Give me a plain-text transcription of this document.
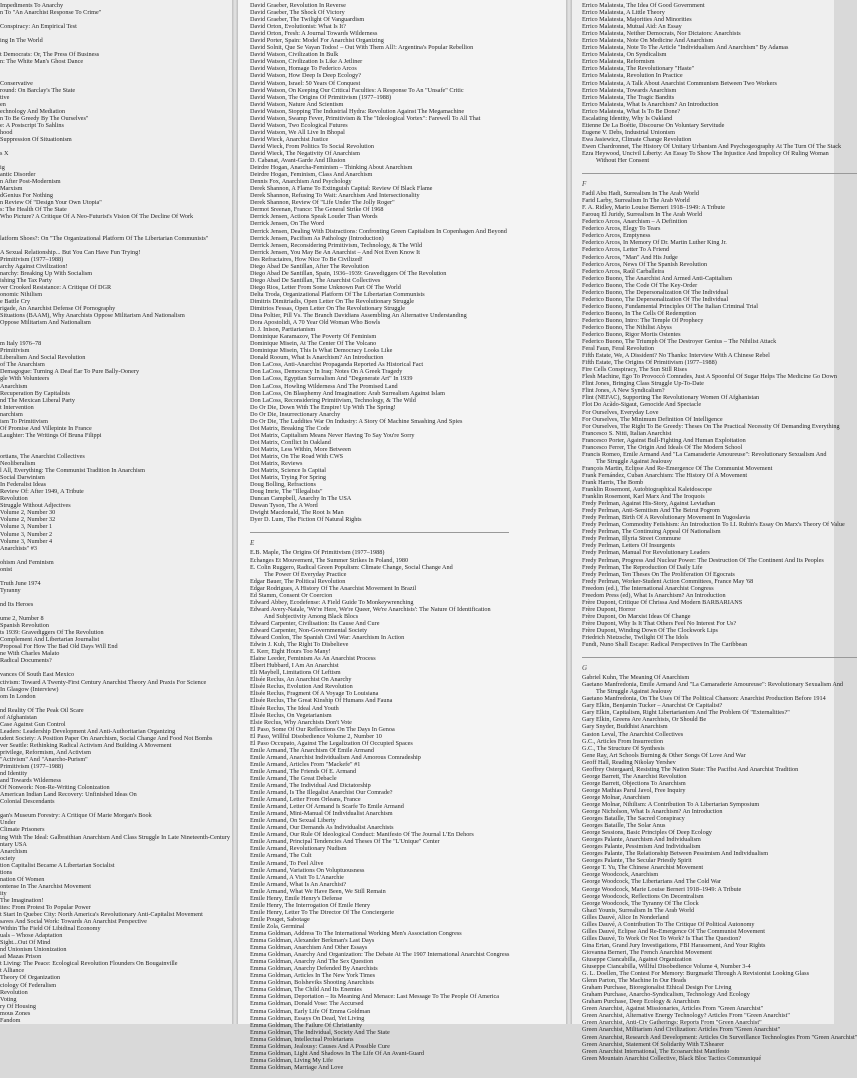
Impediments To Anarchy
n To "An Anarchist Response To Crime"

Conspiracy: An Empirical Test

ing In The World

t Democrats: Or, The Press Of Business
n: The White Man's Ghost Dance

Conservative
round: On Barclay's The State
tive
en
echnology And Mediation
n To Be Greedy By The Ourselves"
e: A Postscript To Sahlins
hood
Suppression Of Situationism

s X

ig
antic Disorder
n After Post-Modernism
Marxism
dGenius For Nothing
n Review Of "Design Your Own Utopia"
s: The Health Of The State
Who Picture? A Critique Of A Neo-Futurist's Vision Of The Decline Of Work

latform Shoes?: On "The Organizational Platform Of The Libertarian Communists"

A Sexual Relationship... But You Can Have Fun Trying!
Primitivism (1977–1988)
archy Against Civilization!
narchy: Breaking Up With Socialism
ishing The Tax Party
ver Crooked Resistance: A Critique Of DGR
onomic Nihilism
e Battle Cry
rigade, An Anarchist Defense Of Pornography
Situations (BAAM), Why Anarchists Oppose Militarism And Nationalism
Oppose Militarism And Nationalism

m Italy 1976–78
Primitivism
Liberalism And Social Revolution
of The Anarchism
Demagogue: Turning A Deaf Ear To Pure Bally-Oonery
gle With Volunteers
Anarchism
Recuperation By Capitalists
nd The Mexican Liberal Party
t Intervention
narchism
ism To Primitivism
Of Promise And Villepinte In France
Laughter: The Writings Of Bruna Filippi

ortians, The Anarchist Collectives
Neoliberalism
l All, Everything: The Communist Tradition In Anarchism
Social Darwinism
In Federalist Ideas
Review Of: After 1949, A Tribute
Revolution
Struggle Without Adjectives
Volume 2, Number 30
Volume 2, Number 32
Volume 3, Number 1
Volume 3, Number 2
Volume 3, Number 4
Anarchists" #3

ohism And Feminism
onist

Truth June 1974
Tyranny

nd Its Heroes

ume 2, Number 8
Spanish Revolution
ts 1939: Gravediggers Of The Revolution
Complement And Libertarian Journalist
Proposal For How The Bad Old Days Will End
ne With Charles Malato
Radical Documents?

vances Of South East Mexico
ctivism: Toward A Twenty-First Century Anarchist Theory And Praxis For Science
In Glasgow (Interview)
om In London

nd Reality Of The Peak Oil Scare
of Afghanistan
Case Against Gun Control
Leaders: Leadership Development And Anti-Authoritarian Organizing
udent Society: A Position Paper On Anarchism, Social Change And Food Not Bombs
ver Seattle: Rethinking Radical Activism And Building A Movement
privilege, Reformism, And Activism
"Activism" And "Anarcho-Purism"
Primitivism (1977–1988)
nd Identity
and Towards Wilderness
Of Nonwork: Non-Re-Writing Colonization
American Indian Land Recovery: Unfinished Ideas On
Colonial Descendants

gan's Museum Forestry: A Critique Of Marie Morgan's Book
Under
Climate Prisoners
ing With The Ideal: Galbraithian Anarchism And Class Struggle In Late Nineteenth-Century
ntary USA
Anarchism
ociety
tion Capitalist Became A Libertarian Socialist
tions
nation Of Women
ontense In The Anarchist Movement
ity
The Imagination!
ites: From Protest To Popular Power
t Start In Quebec City: North America's Revolutionary Anti-Capitalist Movement
saves And Social Work: Towards An Anarchist Perspective
Within The Field Of Libidinal Economy
uals – Whose Adaptation
Sight...Out Of Mind
nd Unionism Unionization
ad Mazas Prison
t Living: The Peace: Ecological Revolution Flounders On Bougainville
t Alliance
Theory Of Organization
ciology Of Federalism
Revolution
Voting
ry Of Housing
mous Zones
Fandom
David Graeber, Revolution In Reverse
David Graeber, The Shock Of Victory
David Graeber, The Twilight Of Vanguardism
David Orton, Evolutionist: What Is It?
David Orton, Fresh: A Journal Towards Wilderness
David Porter, Spain: Model For Anarchist Organizing
David Solnit, Que Se Vayan Todos! – Out With Them All!: Argentina's Popular Rebellion
David Watson, Civilization In Bulk
David Watson, Civilization Is Like A Jetliner
David Watson, Homage To Federico Arcos
David Watson, How Deep Is Deep Ecology?
David Watson, Israel: 50 Years Of Conquest
David Watson, On Keeping Our Critical Faculties: A Response To An "Unsafe" Critic
David Watson, The Origins Of Primitivism (1977–1988)
David Watson, Nature And Scientism
David Watson, Stopping The Industrial Hydra: Revolution Against The Megamachine
David Watson, Swamp Fever, Primitivism & The "Ideological Vortex": Farewell To All That
David Watson, Two Ecological Futures
David Watson, We All Live In Bhopal
David Wieck, Anarchist Justice
David Wieck, From Politics To Social Revolution
David Wieck, The Negativity Of Anarchism
D. Cabanat, Avant-Garde And Illusion
Deirdre Hogan, Anarcha-Feminism – Thinking About Anarchism
Deirdre Hogan, Feminism, Class And Anarchism
Dennis Fox, Anarchism And Psychology
Derek Shannon, A Flame To Extinguish Capital: Review Of Black Flame
Derek Shannon, Refusing To Wait: Anarchism And Intersectionality
Derek Shannon, Review Of "Life Under The Jolly Roger"
Dermot Sreenan, France: The General Strike Of 1968
Derrick Jensen, Actions Speak Louder Than Words
Derrick Jensen, On The Word
Derrick Jensen, Dealing With Distractions: Confronting Green Capitalism In Copenhagen And Beyond
Derrick Jensen, Pacifism As Pathology (Introduction)
Derrick Jensen, Reconsidering Primitivism, Technology, & The Wild
Derrick Jensen, You May Be An Anarchist – And Not Even Know It
Des Refractaires, How Nice To Be Civilized!
Diego Abad De Santillan, After The Revolution
Diego Abad De Santillan, Spain, 1936–1939: Gravediggers Of The Revolution
Diego Abad De Santillan, The Anarchist Collectives
Diego Rios, Letter From Some Unknown Part Of The World
Delta Troda, Organizational Platform Of The Libertarian Communists
Dimitris Dimitriadis, Open Letter On The Revolutionary Struggle
Dimitrios Fessas, Open Letter On The Revolutionary Struggle
Dina Poltier, Pill Vs. The Branch Davidians Assembling An Alternative Understanding
Dora Apostolidi, A 70 Year Old Woman Who Bowls
D. J. Inison, Partiarianism
Dominique Karamazov, The Poverty Of Feminism
Dominique Misein, At The Center Of The Volcano
Dominique Misein, This Is What Democracy Looks Like
Donald Rooum, What Is Anarchism? An Introduction
Don LaCoss, Anti-Anarchist Propaganda Reported As Historical Fact
Don LaCoss, Democracy In Iraq: Notes On A Greek Tragedy
Don LaCoss, Egyptian Surrealism And "Degenerate Art" In 1939
Don LaCoss, Howling Wilderness And The Promised Land
Don LaCoss, On Blasphemy And Imagination: Arab Surrealism Against Islam
Don LaCoss, Reconsidering Primitivism, Technology, & The Wild
Do Or Die, Down With The Empire! Up With The Spring!
Do Or Die, Insurrectionary Anarchy
Do Or Die, The Luddites War On Industry: A Story Of Machine Smashing And Spies
Dot Matrix, Breaking The Code
Dot Matrix, Capitalism Means Never Having To Say You're Sorry
Dot Matrix, Conflict In Oakland
Dot Matrix, Less Within, More Between
Dot Matrix, On The Road With CWS
Dot Matrix, Reviews
Dot Matrix, Science Is Capital
Dot Matrix, Trying For Spring
Doug Bolling, Refractions
Doug Imrie, The "Illegalists"
Duncan Campbell, Anarchy In The USA
Duwan Tyson, The A Word
Dwight Macdonald, The Root Is Man
Dyer D. Lum, The Fiction Of Natural Rights
E
E.B. Maple, The Origins Of Primitivism (1977–1988)
Echanges Et Mouvement, The Summer Strikes In Poland, 1980
E. Colin Ruggero, Radical Green Populism: Climate Change, Social Change And
The Power Of Everyday Practice
Edgar Bauer, The Political Revolution
Edgar Rodrigues, A History Of The Anarchist Movement In Brazil
Ed Stamm, Consent Or Coercion
Edward Abbey, Ecodefense: A Field Guide To Monkeywrenching
Edward Avery-Natale, 'We're Here, We're Queer, We're Anarchists': The Nature Of Identification
And Subjectivity Among Black Blocs
Edward Carpenter, Civilisation: Its Cause And Cure
Edward Carpenter, Non-Governmental Society
Edward Conlon, The Spanish Civil War: Anarchism In Action
Edwin J. Kuh, The Right To Disbelieve
E. Kerr, Eight Hours Too Many!
Elaine Leeder, Feminism As An Anarchist Process
Elbert Hubbard, I Am An Anarchist
Eli Maybell, Limitations Of Leftism
Elisée Reclus, An Anarchist On Anarchy
Elisée Reclus, Evolution And Revolution
Elisée Reclus, Fragment Of A Voyage To Louisiana
Elisée Reclus, The Great Kinship Of Humans And Fauna
Elisée Reclus, The Ideal And Youth
Elisée Reclus, On Vegetarianism
Elsie Reclus, Why Anarchists Don't Vote
El Paso, Some Of Our Reflections On The Days In Genoa
El Paso, Willful Disobedience Volume 2, Number 10
El Paso Occupato, Against The Legalization Of Occupied Spaces
Emile Armand, The Anarchism Of Emile Armand
Emile Armand, Anarchist Individualism And Amorous Comradeship
Emile Armand, Articles From "Mackefe" #1
Emile Armand, The Friends Of E. Armand
Emile Armand, The Great Debacle
Emile Armand, The Individual And Dictatorship
Emile Armand, Is The Illegalist Anarchist Our Comrade?
Emile Armand, Letter From Orleans, France
Emile Armand, Letter Of Armand Is Scarfe To Emile Armand
Emile Armand, Mini-Manual Of Individualist Anarchism
Emile Armand, On Sexual Liberty
Emile Armand, Our Demands As Individualist Anarchists
Emile Armand, Our Rule Of Ideological Conduct: Manifesto Of The Journal L'En Dehors
Emile Armand, Principal Tendencies And Theses Of The "L'Unique" Center
Emile Armand, Revolutionary Nudism
Emile Armand, The Cult
Emile Armand, To Feel Alive
Emile Armand, Variations On Voluptuousness
Emile Armand, A Visit To L'Anarchie
Emile Armand, What Is An Anarchist?
Emile Armand, What We Have Been, We Still Remain
Emile Henry, Emile Henry's Defense
Emile Henry, The Interrogation Of Emile Henry
Emile Henry, Letter To The Director Of The Conciergerie
Emile Pouget, Sabotage
Emile Zola, Germinal
Emma Goldman, Address To The International Working Men's Association Congress
Emma Goldman, Alexander Berkman's Last Days
Emma Goldman, Anarchism And Other Essays
Emma Goldman, Anarchy And Organization: The Debate At The 1907 International Anarchist Congress
Emma Goldman, Anarchy And The Sex Question
Emma Goldman, Anarchy Defended By Anarchists
Emma Goldman, Articles In The New York Times
Emma Goldman, Bolsheviks Shooting Anarchists
Emma Goldman, The Child And Its Enemies
Emma Goldman, Deportation – Its Meaning And Menace: Last Message To The People Of America
Emma Goldman, Donald Vose: The Accursed
Emma Goldman, Early Life Of Emma Goldman
Emma Goldman, Essays On Dead, Yet Living
Emma Goldman, The Failure Of Christianity
Emma Goldman, The Individual, Society And The State
Emma Goldman, Intellectual Proletarians
Emma Goldman, Jealousy: Causes And A Possible Cure
Emma Goldman, Light And Shadows In The Life Of An Avant-Guard
Emma Goldman, Living My Life
Emma Goldman, Marriage And Love
Errico Malatesta, The Idea Of Good Government
Errico Malatesta, A Little Theory
Errico Malatesta, Majorities And Minorities
Errico Malatesta, Mutual Aid: An Essay
Errico Malatesta, Neither Democrats, Nor Dictators: Anarchists
Errico Malatesta, Note On Medicine And Anarchism
Errico Malatesta, Note To The Article "Individualism And Anarchism" By Adamas
Errico Malatesta, On Syndicalism
Errico Malatesta, Reformism
Errico Malatesta, The Revolutionary "Haste"
Errico Malatesta, Revolution In Practice
Errico Malatesta, A Talk About Anarchist Communism Between Two Workers
Errico Malatesta, Towards Anarchism
Errico Malatesta, The Tragic Bandits
Errico Malatesta, What Is Anarchism? An Introduction
Errico Malatesta, What Is To Be Done?
Escalating Identity, Why Is Oakland
Etienne De La Boétie, Discourse On Voluntary Servitude
Eugene V. Debs, Industrial Unionism
Ewa Jasiewicz, Climate Change Revolution
Ewen Chardronnet, The History Of Unitary Urbanism And Psychogeography At The Turn Of The Stack
Ezra Heywood, Uncivil Liberty: An Essay To Show The Injustice And Impolicy Of Ruling Woman
Without Her Consent
F
Fadil Abu Hadi, Surrealism In The Arab World
Farid Larby, Surrealism In The Arab World
F. A. Ridley, Mario Louise Berneri 1918–1949: A Tribute
Farouq El Juridy, Surrealism In The Arab World
Federico Arcos, Anarchism – A Definition
Federico Arcos, Elegy To Tears
Federico Arcos, Emptyness
Federico Arcos, In Memory Of Dr. Martin Luther King Jr.
Federico Arcos, Letter To A Friend
Federico Arcos, "Man" And His Judge
Federico Arcos, News Of The Spanish Revolution
Federico Arcos, Raúl Carballeira
Federico Buono, The Anarchist And Armed Anti-Capitalism
Federico Buono, The Code Of The Key-Order
Federico Buono, The Depersonalization Of The Individual
Federico Buono, The Depersonalization Of The Individual
Federico Buono, Fundamental Principles Of The Italian Criminal Trial
Federico Buono, In The Cells Of Redemption
Federico Buono, Intro: The Temple Of Prophecy
Federico Buono, The Nihilist Abyss
Federico Buono, Rigor Mortis Ostentes
Federico Buono, The Triumph Of The Destroyer Genius – The Nihilist Attack
Feral Faun, Feral Revolution
Fifth Estate, We, A Dissident? No Thanks: Interview With A Chinese Rebel
Fifth Estate, The Origins Of Primitivism (1977–1988)
Fire Cells Conspiracy, The Sun Still Rises
Flesh Machine, Ego To Provoccò Comrades, Just A Spoonful Of Sugar Helps The Medicine Go Down
Flint Jones, Bringing Class Struggle Up-To-Date
Flint Jones, A New Syndicalism?
Flint (NEFAC), Supporting The Revolutionary Women Of Afghanistan
Flot Do Acãdo-Sigaut, Genocide And Spectacle
For Ourselves, Everyday Love
For Ourselves, The Minimum Definition Of Intelligence
For Ourselves, The Right To Be Greedy: Theses On The Practical Necessity Of Demanding Everything
Francesco S. Nitti, Italian Anarchist
Francesco Porter, Against Bull-Fighting And Human Exploitation
Francesco Ferrer, The Origin And Ideals Of The Modern School
Francis Romeo, Emile Armand And "La Camaraderie Amoureuse": Revolutionary Sexualism And
The Struggle Against Jealousy
François Martin, Eclipse And Re-Emergence Of The Communist Movement
Frank Fernández, Cuban Anarchism: The History Of A Movement
Frank Harris, The Bomb
Franklin Rosemont, Autobiographical Kaleidoscope
Franklin Rosemont, Karl Marx And The Iroquois
Fredy Perlman, Against His-Story, Against Leviathan
Fredy Perlman, Anti-Semitism And The Beirut Pogrom
Fredy Perlman, Birth Of A Revolutionary Movement In Yugoslavia
Fredy Perlman, Commodity Fetishism: An Introduction To I.I. Rubin's Essay On Marx's Theory Of Value
Fredy Perlman, The Continuing Appeal Of Nationalism
Fredy Perlman, Illyria Street Commune
Fredy Perlman, Letters Of Insurgents
Fredy Perlman, Manual For Revolutionary Leaders
Fredy Perlman, Progress And Nuclear Power: The Destruction Of The Continent And Its Peoples
Fredy Perlman, The Reproduction Of Daily Life
Fredy Perlman, Ten Theses On The Proliferation Of Egocrats
Fredy Perlman, Worker-Student Action Committees, France May '68
Freedom (ed.), The International Anarchist Congress
Freedom Press (ed), What Is Anarchism? An Introduction
Frère Dupont, Critique Of Chrissa And Modern BARBARIANS
Frère Dupont, Horror
Frère Dupont, On Marxist Ideas Of Change
Frère Dupont, Why Is It That Others Feel No Interest For Us?
Frère Dupont, Winding Down Of The Clockwork Lips
Friedrich Nietzsche, Twilight Of The Idols
Fundi, Nuno Shall Escape: Radical Perspectives In The Caribbean
G
Gabriel Kuhn, The Meaning Of Anarchism
Gaetano Manfredonia, Emile Armand And "La Camaraderie Amoureuse": Revolutionary Sexualism And
The Struggle Against Jealousy
Gaetano Manfredonia, On The Uses Of The Political Chanson: Anarchist Production Before 1914
Gary Elkin, Benjamin Tucker – Anarchist Or Capitalist?
Gary Elkin, Capitalism, Right Libertarianism And The Problem Of "Externalities?"
Gary Elkin, Greens Are Anarchists, Or Should Be
Gary Snyder, Buddhist Anarchism
Gaston Leval, The Anarchist Collectives
G.C., Articles From Insurrection
G.C., The Structure Of Synthesis
Gene Ray, Art Schools Burning & Other Songs Of Love And War
Geoff Hall, Reading Nikolay Yershev
Geoffrey Ostergaard, Resisting The Nation State: The Pacifist And Anarchist Tradition
George Barrett, The Anarchist Revolution
George Barrett, Objections To Anarchism
George Mathias Parul Javol, Free Inquiry
George Molnar, Anarchism
George Molnar, Nihilism: A Contribution To A Libertarian Symposium
George Nicholson, What Is Anarchism? An Introduction
Georges Bataille, The Sacred Conspiracy
Georges Bataille, The Solar Anus
George Sessions, Basic Principles Of Deep Ecology
Georges Palante, Anarchism And Individualism
Georges Palante, Pessimism And Individualism
Georges Palante, The Relationship Between Pessimism And Individualism
Georges Palante, The Secular Priestly Spirit
George T. Yu, The Chinese Anarchist Movement
George Woodcock, Anarchism
George Woodcock, The Libertarians And The Cold War
George Woodcock, Marie Louise Berneri 1918–1949: A Tribute
George Woodcock, Reflections On Decentralism
George Woodcock, The Tyranny Of The Clock
Ghazi Younis, Surrealism In The Arab World
Gilles Dauvé, Alice In Nonderland
Gilles Dauvé, A Contribution To The Critique Of Political Autonomy
Gilles Dauvé, Eclipse And Re-Emergence Of The Communist Movement
Gilles Dauvé, To Work Or Not To Work? Is That The Question?
Gina Ertan, Grand Jury Investigations, FBI Harassment, And Your Rights
Giovanna Berneri, The French Anarchist Movement
Giuseppe Ciancabilla, Against Organization
Giuseppe Ciancabilla, Willful Disobedience Volume 4, Number 3-4
G. L. Doellen, The Contest For Memory: Burgmarkt Through A Revisionist Looking Glass
Glenn Parton, The Machine In Our Heads
Graham Purchase, Bioregionalist Ethical Design For Living
Graham Purchase, Anarcho-Syndicalism, Technology And Ecology
Graham Purchase, Deep Ecology & Anarchism
Green Anarchist, Against Missionaries, Articles From "Green Anarchist"
Green Anarchist, Alternative Energy Technology? Articles From "Green Anarchist"
Green Anarchist, Anti-Civ Gatherings: Reports From "Green Anarchist"
Green Anarchist, Militarism And Civilization: Articles From "Green Anarchist"
Green Anarchist, Research And Development: Articles On Surveillance Technologies From "Green Anarchist"
Green Anarchist, Statement Of Solidarity With T.Shearer
Green Anarchist International, The Ecoanarchist Manifesto
Green Mountain Anarchist Collective, Black Bloc Tactics Communiqué
